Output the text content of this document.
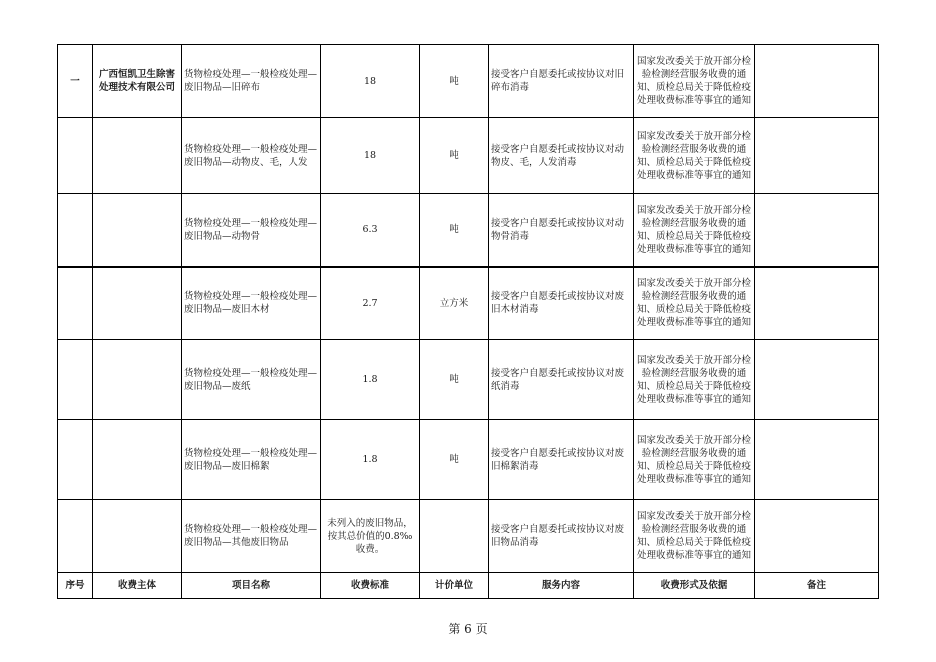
一	广西恒凯卫生除害处理技术有限公司	货物检疫处理—一般检疫处理—废旧物品—旧碎布	18	吨	接受客户自愿委托或按协议对旧碎布消毒	国家发改委关于放开部分检验检测经营服务收费的通知、质检总局关于降低检疫处理收费标准等事宜的通知	
		货物检疫处理—一般检疫处理—废旧物品—动物皮、毛，人发	18	吨	接受客户自愿委托或按协议对动物皮、毛，人发消毒	国家发改委关于放开部分检验检测经营服务收费的通知、质检总局关于降低检疫处理收费标准等事宜的通知	
		货物检疫处理—一般检疫处理—废旧物品—动物骨	6.3	吨	接受客户自愿委托或按协议对动物骨消毒	国家发改委关于放开部分检验检测经营服务收费的通知、质检总局关于降低检疫处理收费标准等事宜的通知	
		货物检疫处理—一般检疫处理—废旧物品—废旧木材	2.7	立方米	接受客户自愿委托或按协议对废旧木材消毒	国家发改委关于放开部分检验检测经营服务收费的通知、质检总局关于降低检疫处理收费标准等事宜的通知	
		货物检疫处理—一般检疫处理—废旧物品—废纸	1.8	吨	接受客户自愿委托或按协议对废纸消毒	国家发改委关于放开部分检验检测经营服务收费的通知、质检总局关于降低检疫处理收费标准等事宜的通知	
		货物检疫处理—一般检疫处理—废旧物品—废旧棉絮	1.8	吨	接受客户自愿委托或按协议对废旧棉絮消毒	国家发改委关于放开部分检验检测经营服务收费的通知、质检总局关于降低检疫处理收费标准等事宜的通知	
		货物检疫处理—一般检疫处理—废旧物品—其他废旧物品	未列入的废旧物品，按其总价值的0.8‰收费。		接受客户自愿委托或按协议对废旧物品消毒	国家发改委关于放开部分检验检测经营服务收费的通知、质检总局关于降低检疫处理收费标准等事宜的通知	
序号	收费主体	项目名称	收费标准	计价单位	服务内容	收费形式及依据	备注
第 6 页
